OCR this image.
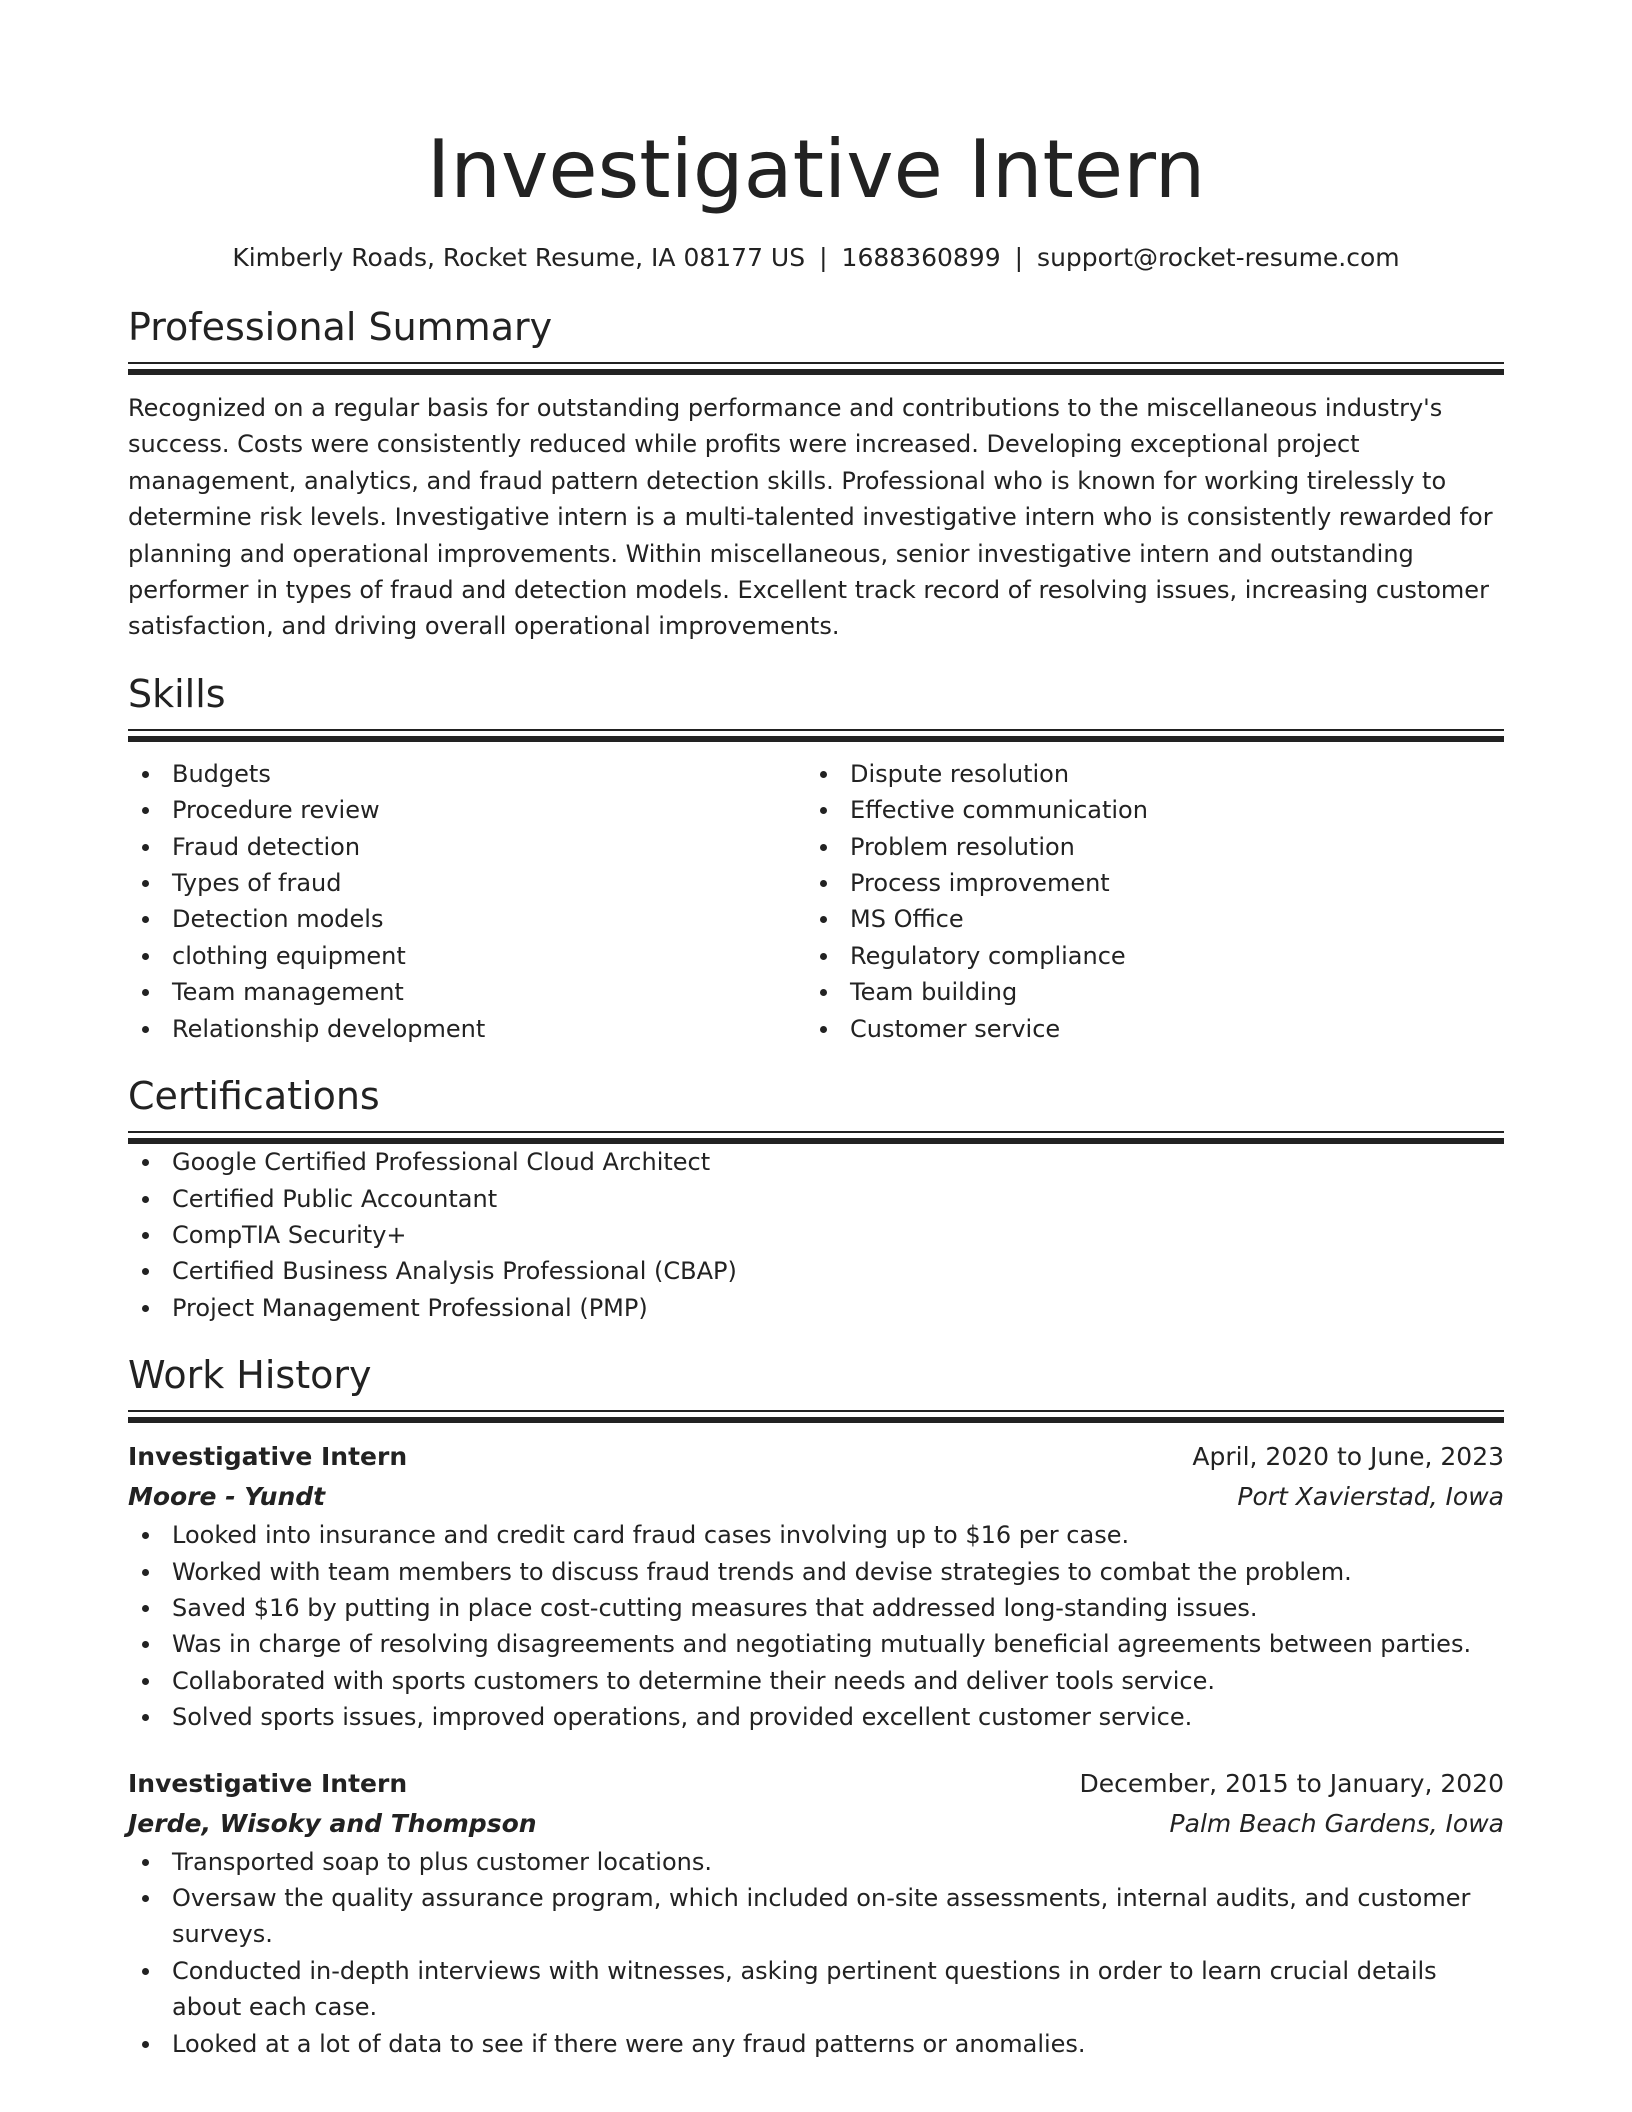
Investigative Intern
Kimberly Roads, Rocket Resume, IA 08177 US | 1688360899 | support@rocket-resume.com
Professional Summary
Recognized on a regular basis for outstanding performance and contributions to the miscellaneous industry's success. Costs were consistently reduced while profits were increased. Developing exceptional project management, analytics, and fraud pattern detection skills. Professional who is known for working tirelessly to determine risk levels. Investigative intern is a multi-talented investigative intern who is consistently rewarded for planning and operational improvements. Within miscellaneous, senior investigative intern and outstanding performer in types of fraud and detection models. Excellent track record of resolving issues, increasing customer satisfaction, and driving overall operational improvements.
Skills
Budgets
Procedure review
Fraud detection
Types of fraud
Detection models
clothing equipment
Team management
Relationship development
Dispute resolution
Effective communication
Problem resolution
Process improvement
MS Office
Regulatory compliance
Team building
Customer service
Certifications
Google Certified Professional Cloud Architect
Certified Public Accountant
CompTIA Security+
Certified Business Analysis Professional (CBAP)
Project Management Professional (PMP)
Work History
Investigative Intern	April, 2020 to June, 2023
Moore - Yundt	Port Xavierstad, Iowa
Looked into insurance and credit card fraud cases involving up to $16 per case.
Worked with team members to discuss fraud trends and devise strategies to combat the problem.
Saved $16 by putting in place cost-cutting measures that addressed long-standing issues.
Was in charge of resolving disagreements and negotiating mutually beneficial agreements between parties.
Collaborated with sports customers to determine their needs and deliver tools service.
Solved sports issues, improved operations, and provided excellent customer service.
Investigative Intern	December, 2015 to January, 2020
Jerde, Wisoky and Thompson	Palm Beach Gardens, Iowa
Transported soap to plus customer locations.
Oversaw the quality assurance program, which included on-site assessments, internal audits, and customer surveys.
Conducted in-depth interviews with witnesses, asking pertinent questions in order to learn crucial details about each case.
Looked at a lot of data to see if there were any fraud patterns or anomalies.
